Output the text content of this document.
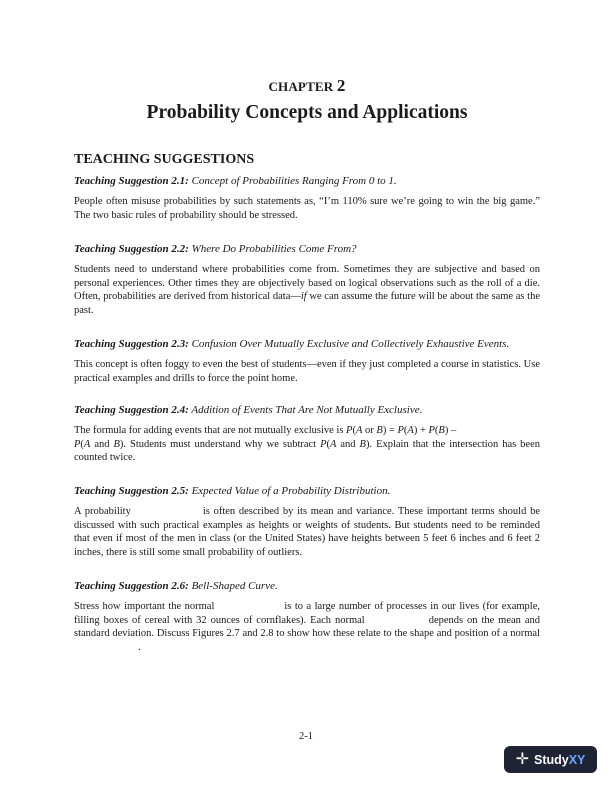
CHAPTER 2
Probability Concepts and Applications
TEACHING SUGGESTIONS
Teaching Suggestion 2.1: Concept of Probabilities Ranging From 0 to 1.
People often misuse probabilities by such statements as, “I’m 110% sure we’re going to win the big game.” The two basic rules of probability should be stressed.
Teaching Suggestion 2.2: Where Do Probabilities Come From?
Students need to understand where probabilities come from. Sometimes they are subjective and based on personal experiences. Other times they are objectively based on logical observations such as the roll of a die. Often, probabilities are derived from historical data—if we can assume the future will be about the same as the past.
Teaching Suggestion 2.3: Confusion Over Mutually Exclusive and Collectively Exhaustive Events.
This concept is often foggy to even the best of students—even if they just completed a course in statistics. Use practical examples and drills to force the point home.
Teaching Suggestion 2.4: Addition of Events That Are Not Mutually Exclusive.
The formula for adding events that are not mutually exclusive is P(A or B) = P(A) + P(B) –
P(A and B). Students must understand why we subtract P(A and B). Explain that the intersection has been counted twice.
Teaching Suggestion 2.5: Expected Value of a Probability Distribution.
A probability	is often described by its mean and variance. These important terms should be discussed with such practical examples as heights or weights of students. But students need to be reminded that even if most of the men in class (or the United States) have heights between 5 feet 6 inches and 6 feet 2 inches, there is still some small probability of outliers.
Teaching Suggestion 2.6: Bell-Shaped Curve.
Stress how important the normal	is to a large number of processes in our lives (for example, filling boxes of cereal with 32 ounces of cornflakes). Each normal	depends on the mean and standard deviation. Discuss Figures 2.7 and 2.8 to show how these relate to the shape and position of a normal.
2-1
✛ Study XY
